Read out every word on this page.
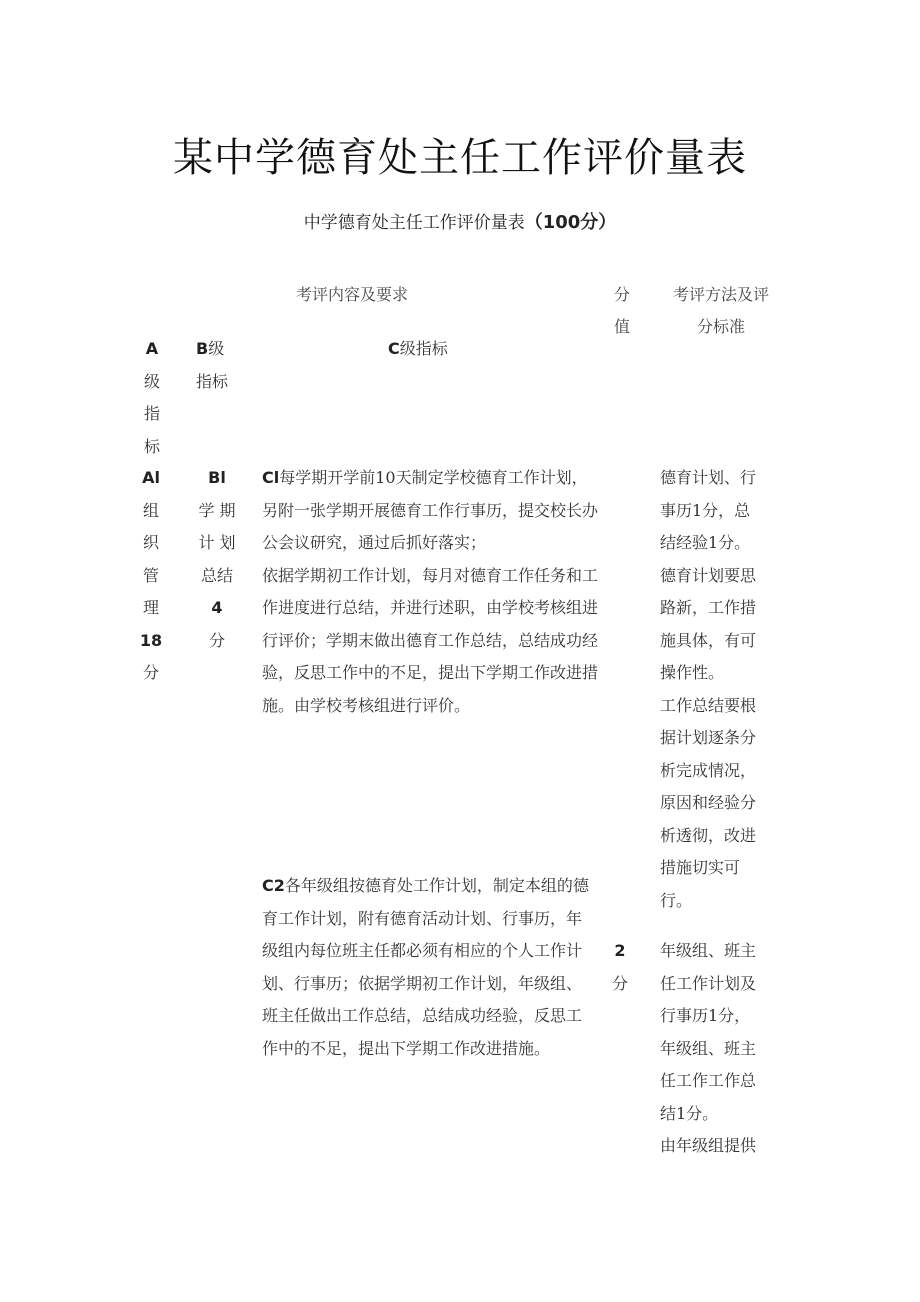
某中学德育处主任工作评价量表
中学德育处主任工作评价量表（100分）
考评内容及要求	分
值
考评方法及评
分标准
A
级
指
标
B级
指标
C级指标
Al
组
织
管
理
18
分
Bl
学 期
计 划
总结
4
分
Cl每学期开学前10天制定学校德育工作计划，
另附一张学期开展德育工作行事历，提交校长办
公会议研究，通过后抓好落实；
依据学期初工作计划，每月对德育工作任务和工
作进度进行总结，并进行述职，由学校考核组进
行评价；学期末做出德育工作总结，总结成功经
验，反思工作中的不足，提出下学期工作改进措
施。由学校考核组进行评价。
德育计划、行
事历1分，总
结经验1分。
德育计划要思
路新，工作措
施具体，有可
操作性。
工作总结要根
据计划逐条分
析完成情况，
原因和经验分
析透彻，改进
措施切实可
行。
C2各年级组按德育处工作计划，制定本组的德
育工作计划，附有德育活动计划、行事历，年
级组内每位班主任都必须有相应的个人工作计
划、行事历；依据学期初工作计划，年级组、
班主任做出工作总结，总结成功经验，反思工
作中的不足，提出下学期工作改进措施。
2
分
年级组、班主
任工作计划及
行事历1分，
年级组、班主
任工作工作总
结1分。
由年级组提供
